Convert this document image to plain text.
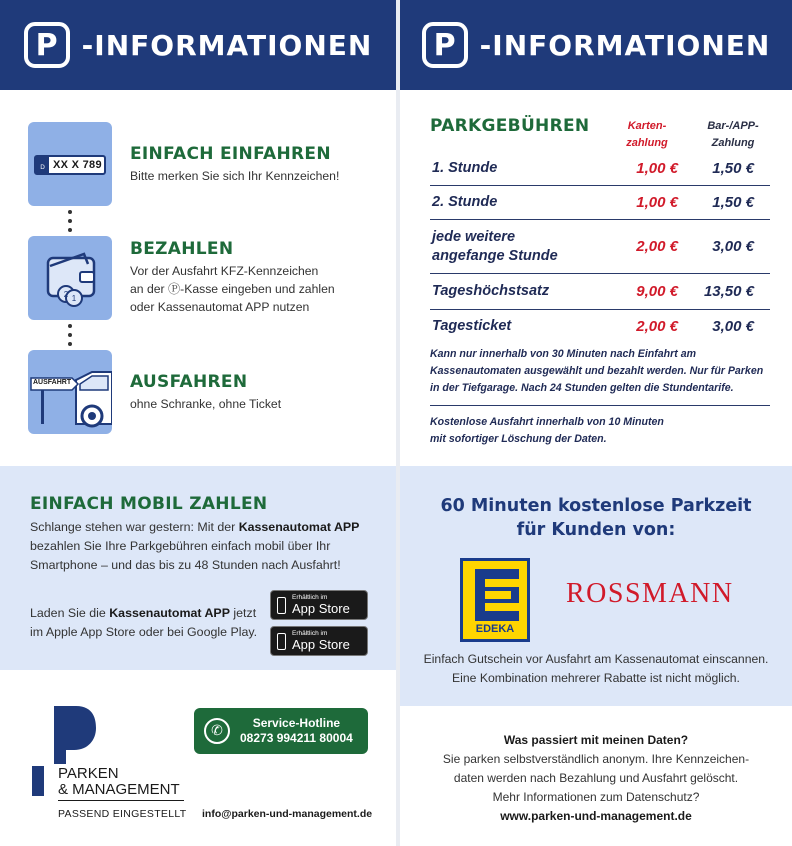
P -INFORMATIONEN
D XX X 789
EINFACH EINFAHREN
Bitte merken Sie sich Ihr Kennzeichen!
2 1
BEZAHLEN
Vor der Ausfahrt KFZ-Kennzeichen
an der Ⓟ-Kasse eingeben und zahlen
oder Kassenautomat APP nutzen
AUSFAHRT	AUSFAHREN
ohne Schranke, ohne Ticket
EINFACH MOBIL ZAHLEN
Schlange stehen war gestern: Mit der Kassenautomat APP bezahlen Sie Ihre Parkgebühren einfach mobil über Ihr Smartphone – und das bis zu 48 Stunden nach Ausfahrt!
Laden Sie die Kassenautomat APP jetzt
im Apple App Store oder bei Google Play.
Erhältlich im
App Store
Erhältlich im
App Store
PARKEN
& MANAGEMENT
PASSEND EINGESTELLT
✆	Service-Hotline
08273 994211 80004
info@parken-und-management.de
P -INFORMATIONEN
PARKGEBÜHREN	Karten-
zahlung
Bar-/APP-
Zahlung
1. Stunde	1,00 €	1,50 €
2. Stunde	1,00 €	1,50 €
jede weitere
angefange Stunde
2,00 €	3,00 €
Tageshöchstsatz	9,00 €	13,50 €
Tagesticket	2,00 €	3,00 €
Kann nur innerhalb von 30 Minuten nach Einfahrt am Kassenautomaten ausgewählt und bezahlt werden. Nur für Parken in der Tiefgarage. Nach 24 Stunden gelten die Stundentarife.
Kostenlose Ausfahrt innerhalb von 10 Minuten
mit sofortiger Löschung der Daten.
60 Minuten kostenlose Parkzeit
für Kunden von:
EDEKA
ROSSMANN
Einfach Gutschein vor Ausfahrt am Kassenautomat einscannen.
Eine Kombination mehrerer Rabatte ist nicht möglich.
Was passiert mit meinen Daten?
Sie parken selbstverständlich anonym. Ihre Kennzeichen-
daten werden nach Bezahlung und Ausfahrt gelöscht.
Mehr Informationen zum Datenschutz?
www.parken-und-management.de
